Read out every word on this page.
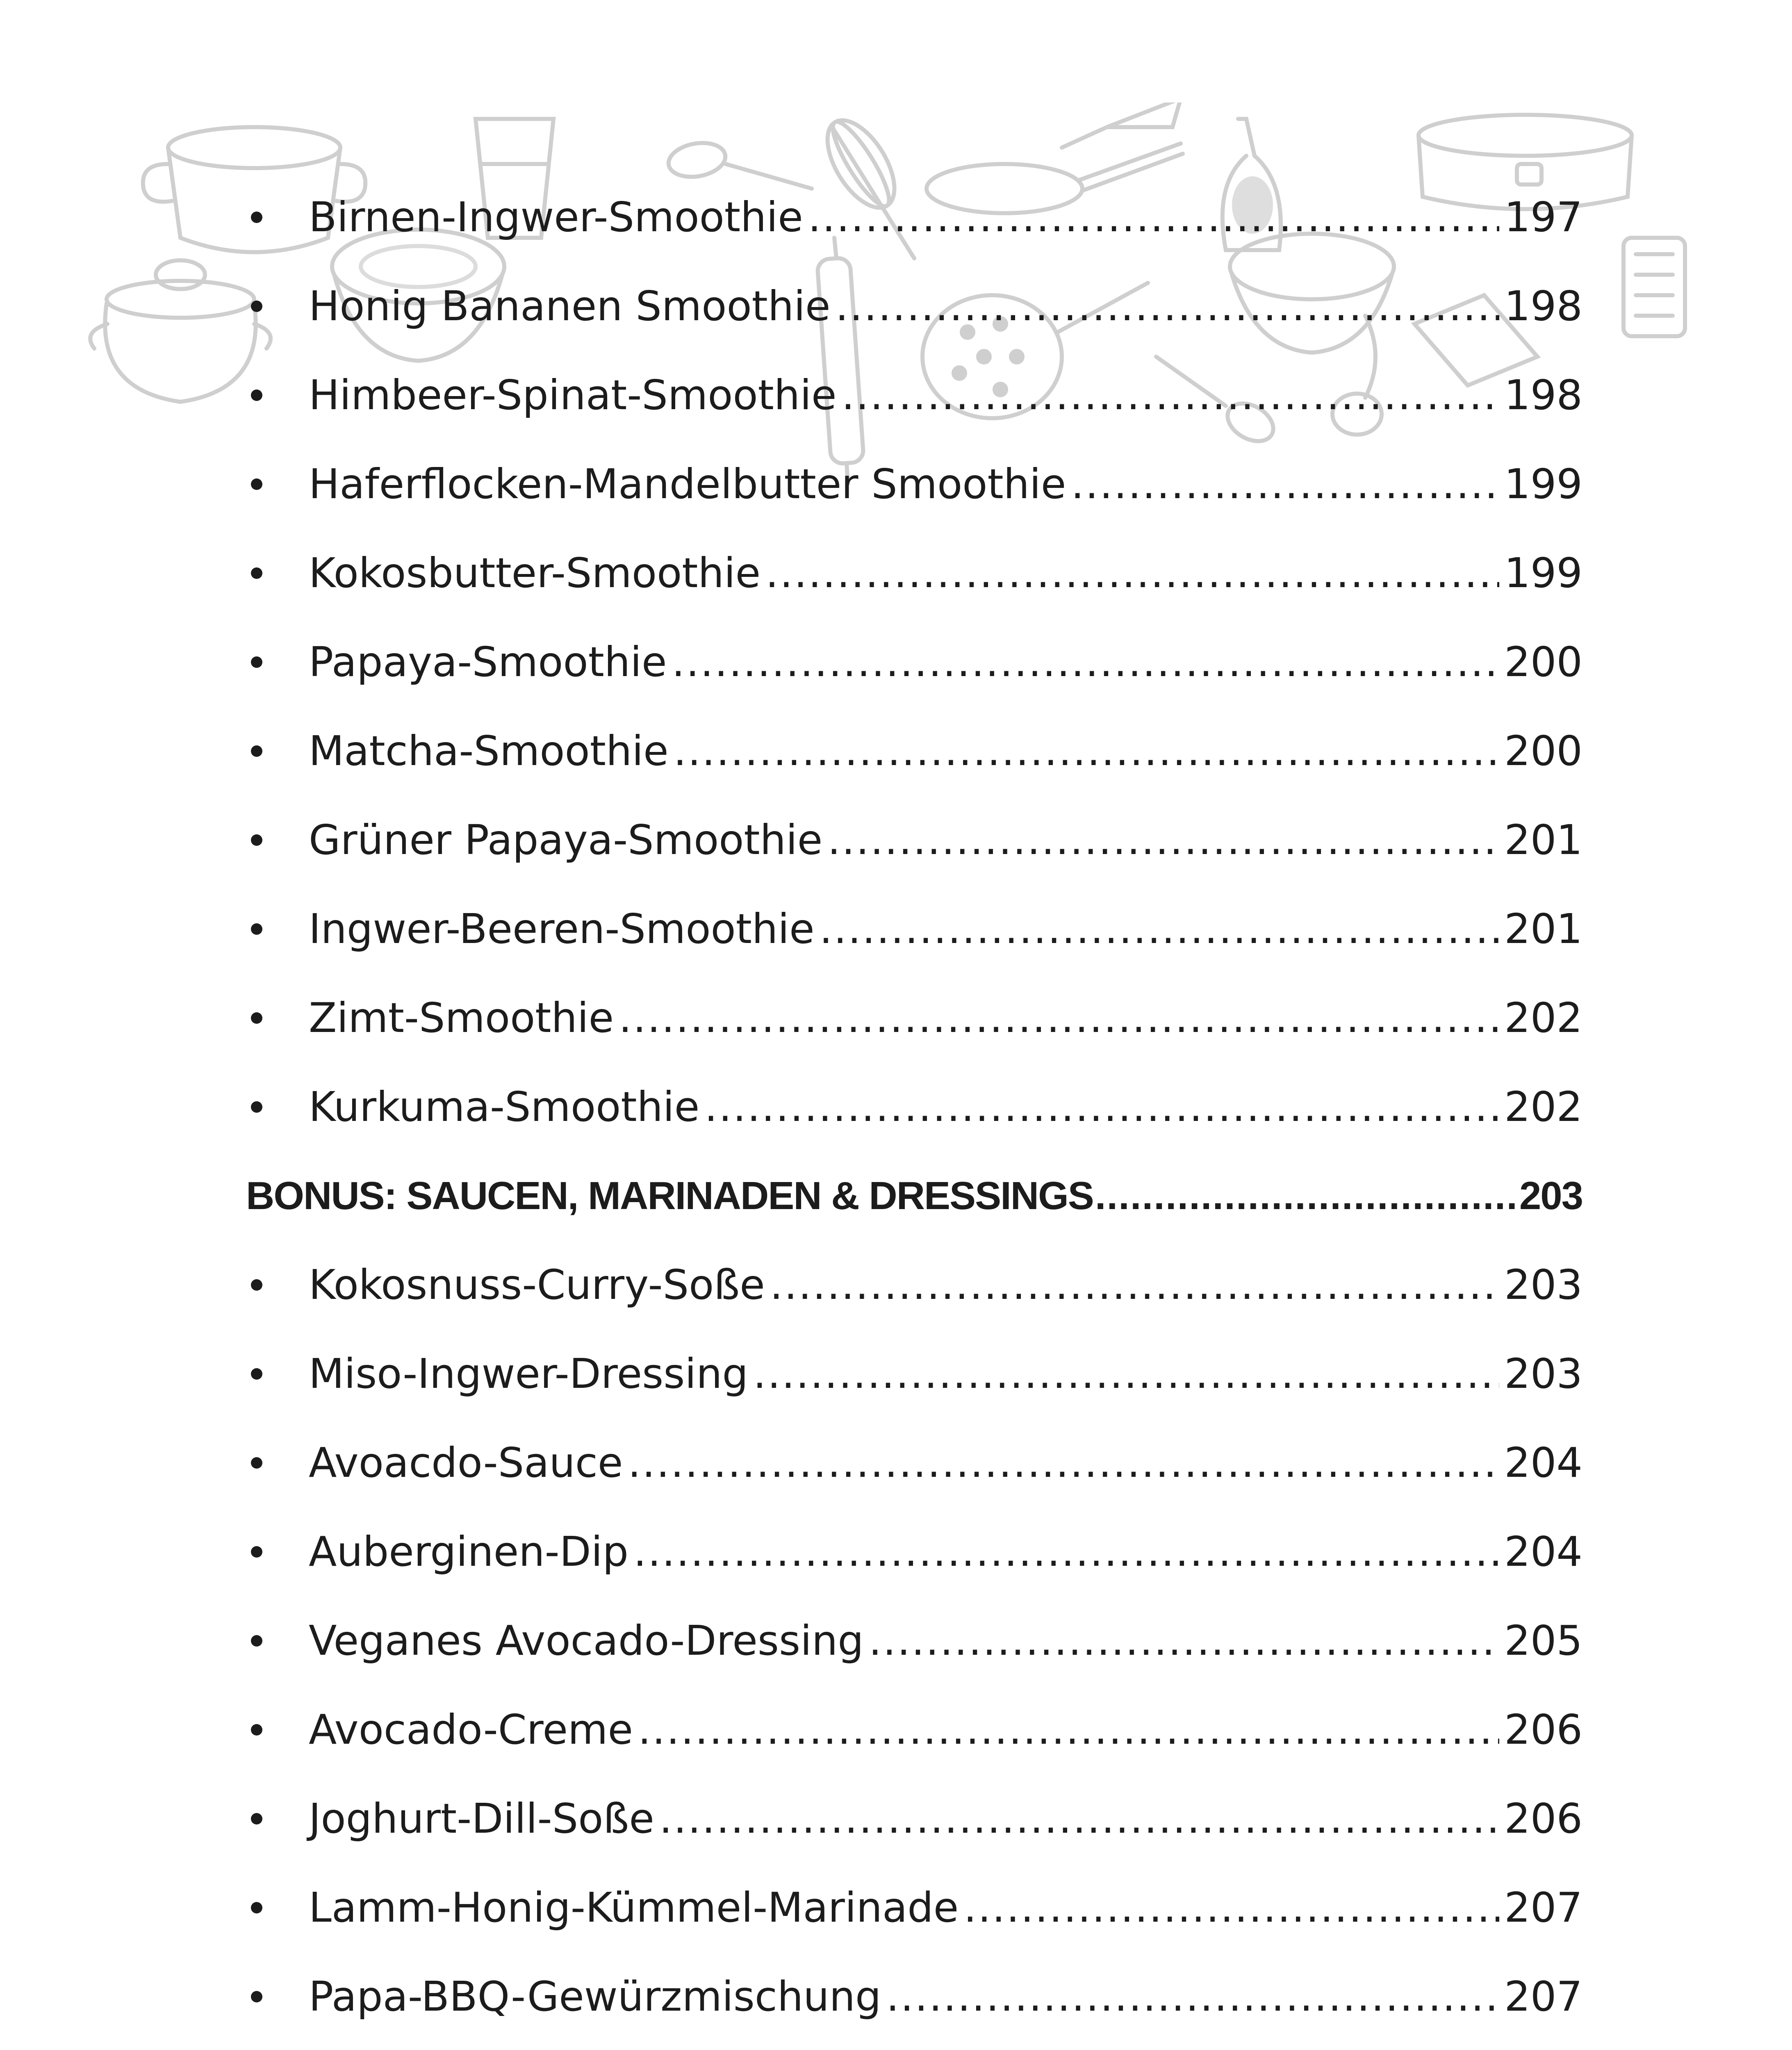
Birnen-Ingwer-Smoothie .....	197
Honig Bananen Smoothie .....	198
Himbeer-Spinat-Smoothie .....	198
Haferflocken-Mandelbutter Smoothie .....	199
Kokosbutter-Smoothie .....	199
Papaya-Smoothie .....	200
Matcha-Smoothie .....	200
Grüner Papaya-Smoothie .....	201
Ingwer-Beeren-Smoothie .....	201
Zimt-Smoothie .....	202
Kurkuma-Smoothie .....	202
BONUS: SAUCEN, MARINADEN & DRESSINGS .....	203
Kokosnuss-Curry-Soße .....	203
Miso-Ingwer-Dressing .....	203
Avoacdo-Sauce .....	204
Auberginen-Dip .....	204
Veganes Avocado-Dressing .....	205
Avocado-Creme .....	206
Joghurt-Dill-Soße .....	206
Lamm-Honig-Kümmel-Marinade .....	207
Papa-BBQ-Gewürzmischung .....	207
